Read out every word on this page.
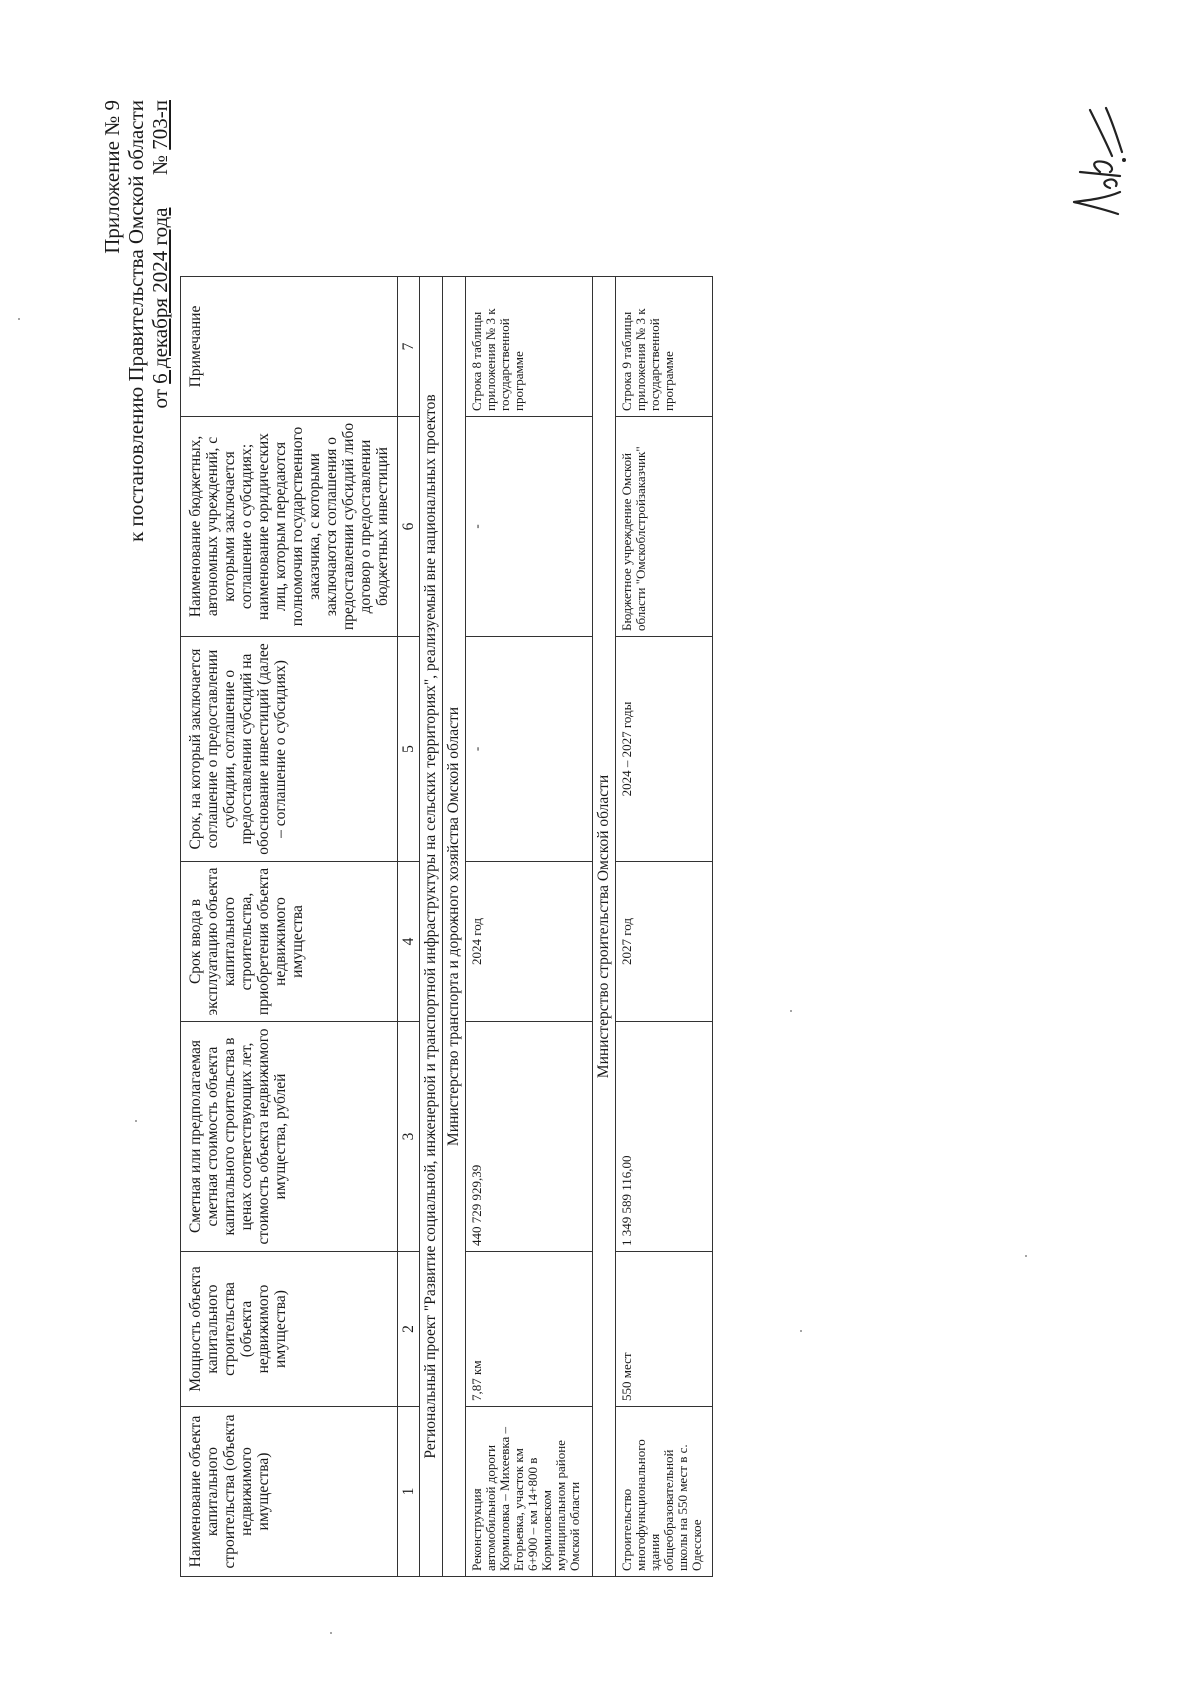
Приложение № 9 к постановлению Правительства Омской области от 6 декабря 2024 года  № 703-п
Наименование объекта капитального строительства (объекта недвижимого имущества)	Мощность объекта капитального строительства (объекта недвижимого имущества)	Сметная или предполагаемая сметная стоимость объекта капитального строительства в ценах соответствующих лет, стоимость объекта недвижимого имущества, рублей	Срок ввода в эксплуатацию объекта капитального строительства, приобретения объекта недвижимого имущества	Срок, на который заключается соглашение о предоставлении субсидии, соглашение о предоставлении субсидий на обоснование инвестиций (далее – соглашение о субсидиях)	Наименование бюджетных, автономных учреждений, с которыми заключается соглашение о субсидиях; наименование юридических лиц, которым передаются полномочия государственного заказчика, с которыми заключаются соглашения о предоставлении субсидий либо договор о предоставлении бюджетных инвестиций	Примечание
1	2	3	4	5	6	7
Региональный проект "Развитие социальной, инженерной и транспортной инфраструктуры на сельских территориях", реализуемый вне национальных проектов						
Министерство транспорта и дорожного хозяйства Омской области						
Реконструкция автомобильной дороги Кормиловка – Михеевка – Егорьевка, участок км 6+900 – км 14+800 в Кормиловском муниципальном районе Омской области	7,87 км	440 729 929,39	2024 год	-	-	Строка 8 таблицы приложения № 3 к государственной программе
Министерство строительства Омской области						
Строительство многофункционального здания общеобразовательной школы на 550 мест в с. Одесское	550 мест	1 349 589 116,00	2027 год	2024 – 2027 годы	Бюджетное учреждение Омской области "Омскоблстройзаказчик"	Строка 9 таблицы приложения № 3 к государственной программе
